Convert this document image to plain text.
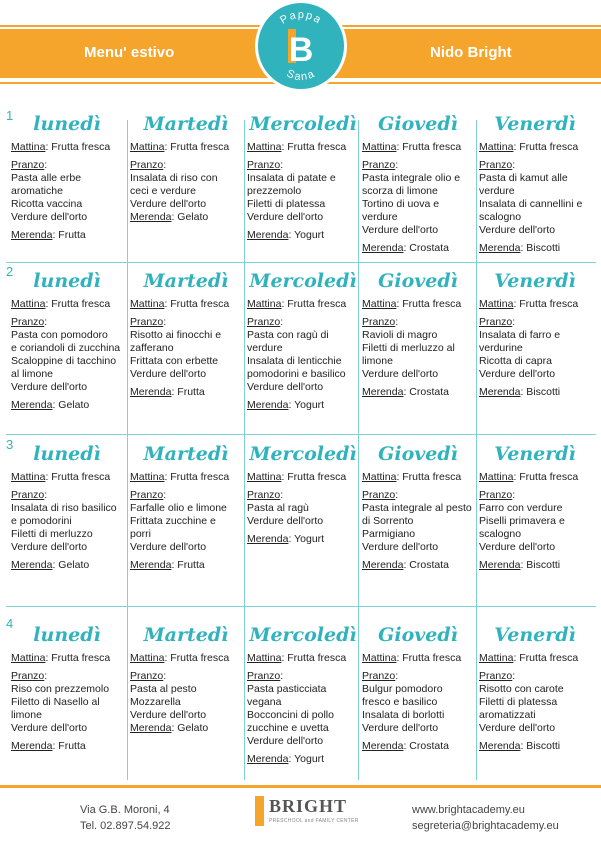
Menu' estivo	Nido Bright
Pappa
B
Sana
1	lunedì
Mattina: Frutta fresca
Pranzo:
Pasta alle erbe
aromatiche
Ricotta vaccina
Verdure dell'orto
Merenda: Frutta
Martedì
Mattina: Frutta fresca
Pranzo:
Insalata di riso con
ceci e verdure
Verdure dell'orto
Merenda: Gelato
Mercoledì
Mattina: Frutta fresca
Pranzo:
Insalata di patate e
prezzemolo
Filetti di platessa
Verdure dell'orto
Merenda: Yogurt
Giovedì
Mattina: Frutta fresca
Pranzo:
Pasta integrale olio e
scorza di limone
Tortino di uova e
verdure
Verdure dell'orto
Merenda: Crostata
Venerdì
Mattina: Frutta fresca
Pranzo:
Pasta di kamut alle
verdure
Insalata di cannellini e
scalogno
Verdure dell'orto
Merenda: Biscotti
2	lunedì
Mattina: Frutta fresca
Pranzo:
Pasta con pomodoro
e coriandoli di zucchina
Scaloppine di tacchino
al limone
Verdure dell'orto
Merenda: Gelato
Martedì
Mattina: Frutta fresca
Pranzo:
Risotto ai finocchi e
zafferano
Frittata con erbette
Verdure dell'orto
Merenda: Frutta
Mercoledì
Mattina: Frutta fresca
Pranzo:
Pasta con ragù di
verdure
Insalata di lenticchie
pomodorini e basilico
Verdure dell'orto
Merenda: Yogurt
Giovedì
Mattina: Frutta fresca
Pranzo:
Ravioli di magro
Filetti di merluzzo al
limone
Verdure dell'orto
Merenda: Crostata
Venerdì
Mattina: Frutta fresca
Pranzo:
Insalata di farro e
verdurine
Ricotta di capra
Verdure dell'orto
Merenda: Biscotti
3	lunedì
Mattina: Frutta fresca
Pranzo:
Insalata di riso basilico
e pomodorini
Filetti di merluzzo
Verdure dell'orto
Merenda: Gelato
Martedì
Mattina: Frutta fresca
Pranzo:
Farfalle olio e limone
Frittata zucchine e
porri
Verdure dell'orto
Merenda: Frutta
Mercoledì
Mattina: Frutta fresca
Pranzo:
Pasta al ragù
Verdure dell'orto
Merenda: Yogurt
Giovedì
Mattina: Frutta fresca
Pranzo:
Pasta integrale al pesto
di Sorrento
Parmigiano
Verdure dell'orto
Merenda: Crostata
Venerdì
Mattina: Frutta fresca
Pranzo:
Farro con verdure
Piselli primavera e
scalogno
Verdure dell'orto
Merenda: Biscotti
4
lunedì
Mattina: Frutta fresca
Pranzo:
Riso con prezzemolo
Filetto di Nasello al
limone
Verdure dell'orto
Merenda: Frutta
Martedì
Mattina: Frutta fresca
Pranzo:
Pasta al pesto
Mozzarella
Verdure dell'orto
Merenda: Gelato
Mercoledì
Mattina: Frutta fresca
Pranzo:
Pasta pasticciata
vegana
Bocconcini di pollo
zucchine e uvetta
Verdure dell'orto
Merenda: Yogurt
Giovedì
Mattina: Frutta fresca
Pranzo:
Bulgur pomodoro
fresco e basilico
Insalata di borlotti
Verdure dell'orto
Merenda: Crostata
Venerdì
Mattina: Frutta fresca
Pranzo:
Risotto con carote
Filetti di platessa
aromatizzati
Verdure dell'orto
Merenda: Biscotti
Via G.B. Moroni, 4
Tel. 02.897.54.922
BRIGHT
PRESCHOOL and FAMILY CENTER
www.brightacademy.eu
segreteria@brightacademy.eu
